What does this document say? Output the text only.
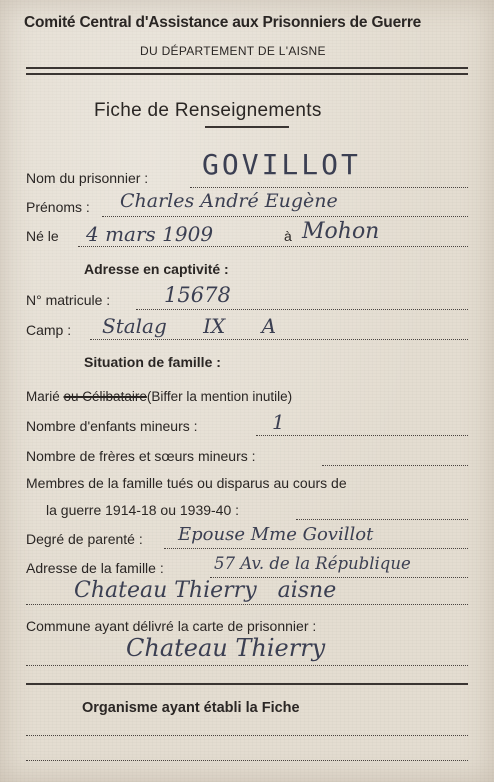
Comité Central d'Assistance aux Prisonniers de Guerre
DU DÉPARTEMENT DE L'AISNE
Fiche de Renseignements
Nom du prisonnier : GOVILLOT
Prénoms : Charles André Eugène
Né le 4 mars 1909	à Mohon
Adresse en captivité :
N° matricule :	15678
Camp : Stalag IX A
Situation de famille :
Marié ou Célibataire(Biffer la mention inutile)
Nombre d'enfants mineurs :	1
Nombre de frères et sœurs mineurs :
Membres de la famille tués ou disparus au cours de
la guerre 1914-18 ou 1939-40 :
Degré de parenté : Epouse Mme Govillot
Adresse de la famille :	57 Av. de la République
Chateau Thierry   aisne
Commune ayant délivré la carte de prisonnier :
Chateau Thierry
Organisme ayant établi la Fiche
